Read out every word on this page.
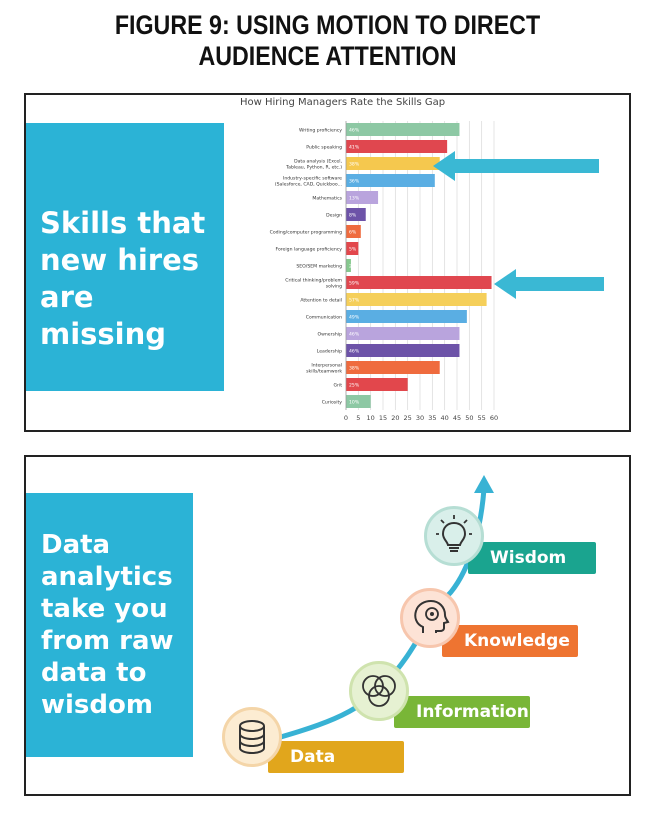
FIGURE 9: USING MOTION TO DIRECT
AUDIENCE ATTENTION
Skills that
new hires
are missing
How Hiring Managers Rate the Skills Gap
0 5 10 15 20 25 30 35 40 45 50 55 60
Writing proficiency 46%
Public speaking 41%
Data analysis (Excel,
Tableau, Python, R, etc.)
38%
Industry-specific software
(Salesforce, CAD, Quickboo...
36%
Mathematics 13%
Design 8%
Coding/computer programming 6%
Foreign language proficiency 5%
SEO/SEM marketing 2%
Critical thinking/problem
solving
59%
Attention to detail 57%
Communication 49%
Ownership 46%
Leadership 46%
Interpersonal
skills/teamwork
38%
Grit 25%
Curiosity 10%
Data
analytics
take you
from raw
data to
wisdom
Data
Information
Knowledge
Wisdom
